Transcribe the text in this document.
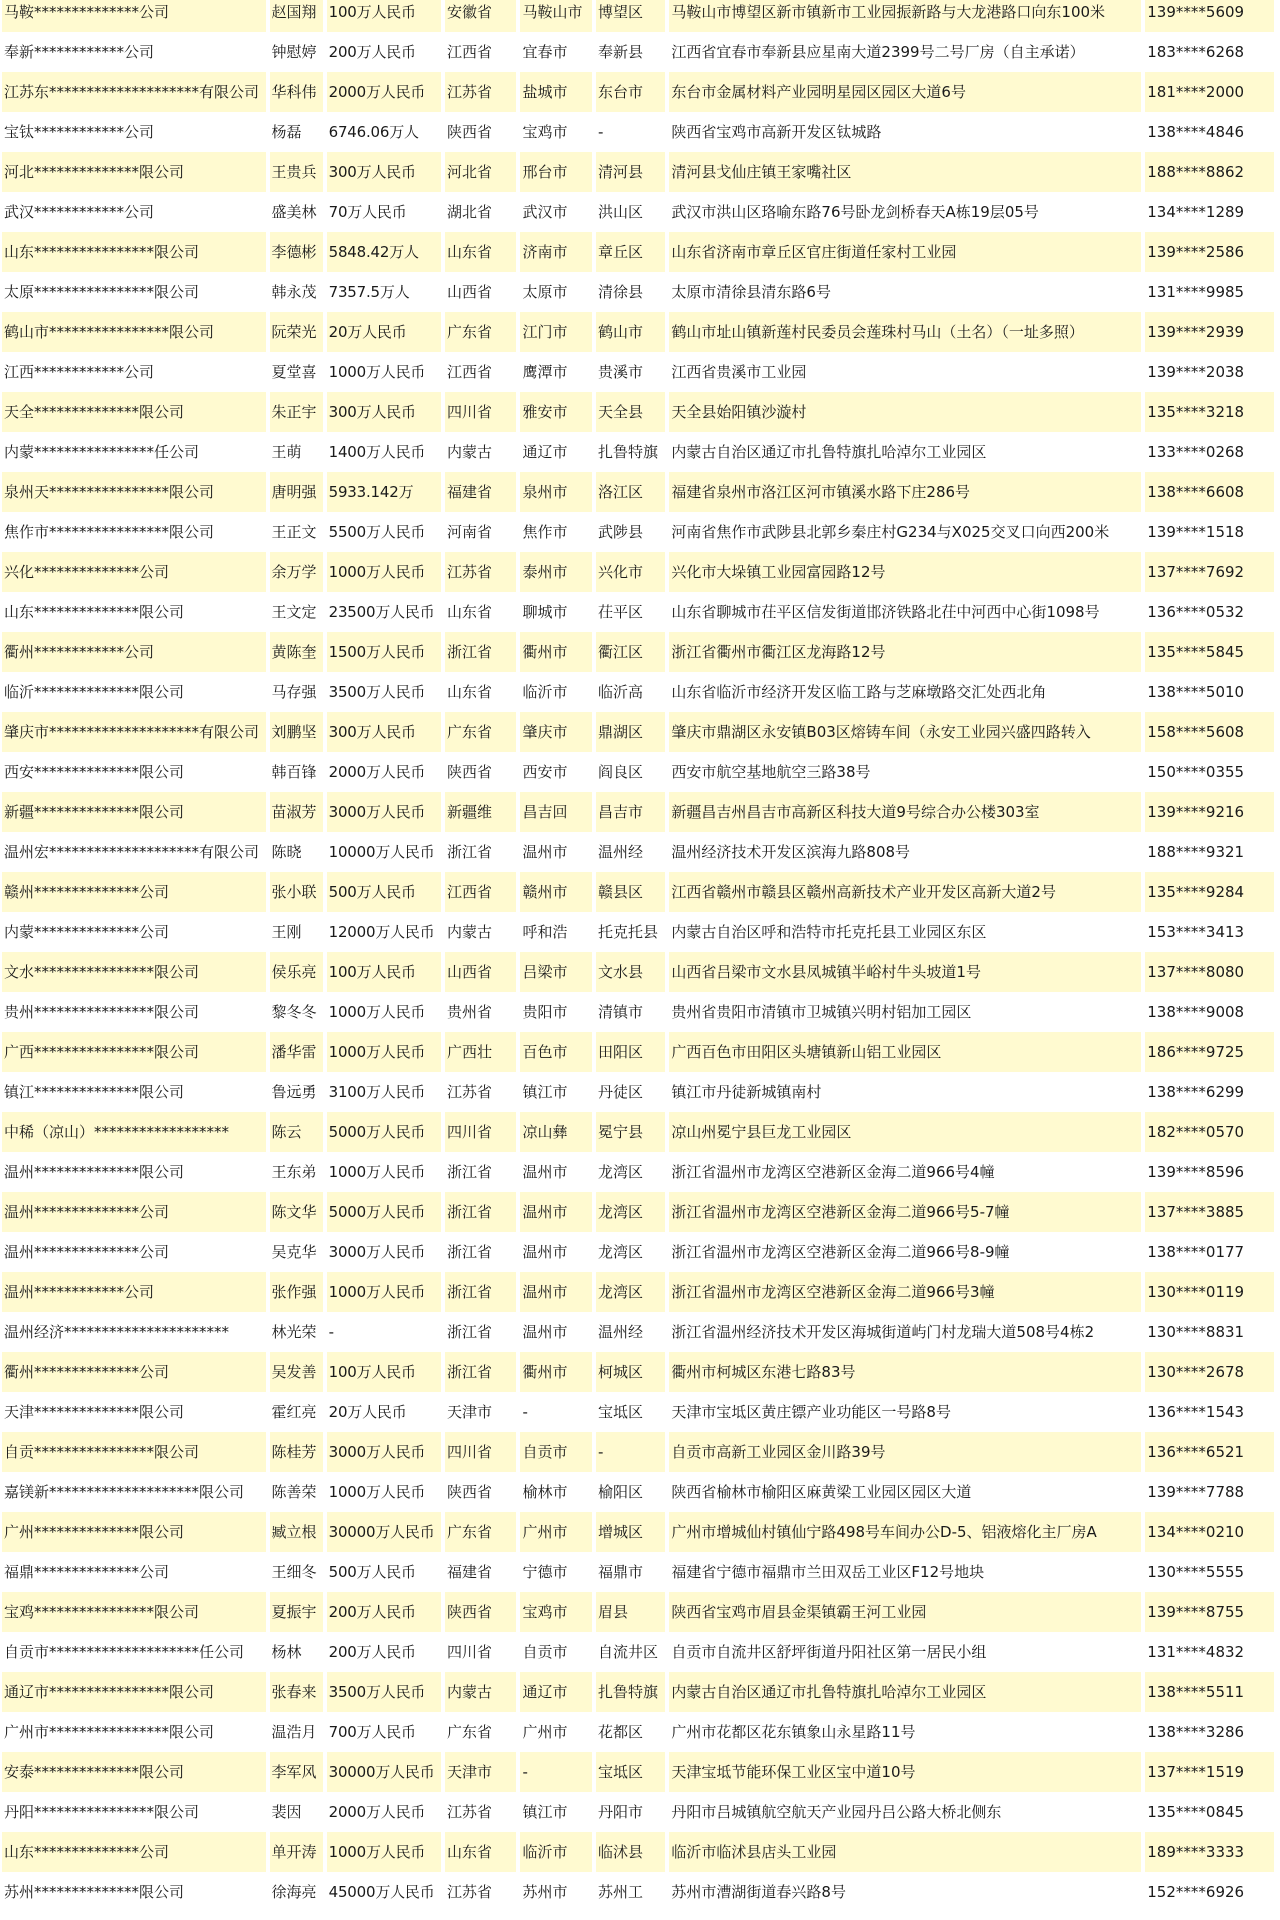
马鞍**************公司	赵国翔	100万人民币	安徽省	马鞍山市	博望区	马鞍山市博望区新市镇新市工业园振新路与大龙港路口向东100米	139****5609
奉新************公司	钟慰婷	200万人民币	江西省	宜春市	奉新县	江西省宜春市奉新县应星南大道2399号二号厂房（自主承诺）	183****6268
江苏东********************有限公司	华科伟	2000万人民币	江苏省	盐城市	东台市	东台市金属材料产业园明星园区园区大道6号	181****2000
宝钛************公司	杨磊	6746.06万人	陕西省	宝鸡市	-	陕西省宝鸡市高新开发区钛城路	138****4846
河北**************限公司	王贵兵	300万人民币	河北省	邢台市	清河县	清河县戈仙庄镇王家嘴社区	188****8862
武汉************公司	盛美林	70万人民币	湖北省	武汉市	洪山区	武汉市洪山区珞喻东路76号卧龙剑桥春天A栋19层05号	134****1289
山东****************限公司	李德彬	5848.42万人	山东省	济南市	章丘区	山东省济南市章丘区官庄街道任家村工业园	139****2586
太原****************限公司	韩永茂	7357.5万人	山西省	太原市	清徐县	太原市清徐县清东路6号	131****9985
鹤山市****************限公司	阮荣光	20万人民币	广东省	江门市	鹤山市	鹤山市址山镇新莲村民委员会莲珠村马山（土名）（一址多照）	139****2939
江西************公司	夏堂喜	1000万人民币	江西省	鹰潭市	贵溪市	江西省贵溪市工业园	139****2038
天全**************限公司	朱正宇	300万人民币	四川省	雅安市	天全县	天全县始阳镇沙漩村	135****3218
内蒙****************任公司	王萌	1400万人民币	内蒙古	通辽市	扎鲁特旗	内蒙古自治区通辽市扎鲁特旗扎哈淖尔工业园区	133****0268
泉州天****************限公司	唐明强	5933.142万	福建省	泉州市	洛江区	福建省泉州市洛江区河市镇溪水路下庄286号	138****6608
焦作市****************限公司	王正文	5500万人民币	河南省	焦作市	武陟县	河南省焦作市武陟县北郭乡秦庄村G234与X025交叉口向西200米	139****1518
兴化**************公司	余万学	1000万人民币	江苏省	泰州市	兴化市	兴化市大垛镇工业园富园路12号	137****7692
山东**************限公司	王文定	23500万人民币	山东省	聊城市	茌平区	山东省聊城市茌平区信发街道邯济铁路北茌中河西中心街1098号	136****0532
衢州************公司	黄陈奎	1500万人民币	浙江省	衢州市	衢江区	浙江省衢州市衢江区龙海路12号	135****5845
临沂**************限公司	马存强	3500万人民币	山东省	临沂市	临沂高	山东省临沂市经济开发区临工路与芝麻墩路交汇处西北角	138****5010
肇庆市********************有限公司	刘鹏坚	300万人民币	广东省	肇庆市	鼎湖区	肇庆市鼎湖区永安镇B03区熔铸车间（永安工业园兴盛四路转入	158****5608
西安**************限公司	韩百锋	2000万人民币	陕西省	西安市	阎良区	西安市航空基地航空三路38号	150****0355
新疆**************限公司	苗淑芳	3000万人民币	新疆维	昌吉回	昌吉市	新疆昌吉州昌吉市高新区科技大道9号综合办公楼303室	139****9216
温州宏********************有限公司	陈晓	10000万人民币	浙江省	温州市	温州经	温州经济技术开发区滨海九路808号	188****9321
赣州**************公司	张小联	500万人民币	江西省	赣州市	赣县区	江西省赣州市赣县区赣州高新技术产业开发区高新大道2号	135****9284
内蒙**************公司	王刚	12000万人民币	内蒙古	呼和浩	托克托县	内蒙古自治区呼和浩特市托克托县工业园区东区	153****3413
文水****************限公司	侯乐亮	100万人民币	山西省	吕梁市	文水县	山西省吕梁市文水县凤城镇半峪村牛头坡道1号	137****8080
贵州****************限公司	黎冬冬	1000万人民币	贵州省	贵阳市	清镇市	贵州省贵阳市清镇市卫城镇兴明村铝加工园区	138****9008
广西****************限公司	潘华雷	1000万人民币	广西壮	百色市	田阳区	广西百色市田阳区头塘镇新山铝工业园区	186****9725
镇江**************限公司	鲁远勇	3100万人民币	江苏省	镇江市	丹徒区	镇江市丹徒新城镇南村	138****6299
中稀（凉山）******************	陈云	5000万人民币	四川省	凉山彝	冕宁县	凉山州冕宁县巨龙工业园区	182****0570
温州**************限公司	王东弟	1000万人民币	浙江省	温州市	龙湾区	浙江省温州市龙湾区空港新区金海二道966号4幢	139****8596
温州**************公司	陈文华	5000万人民币	浙江省	温州市	龙湾区	浙江省温州市龙湾区空港新区金海二道966号5-7幢	137****3885
温州**************公司	吴克华	3000万人民币	浙江省	温州市	龙湾区	浙江省温州市龙湾区空港新区金海二道966号8-9幢	138****0177
温州************公司	张作强	1000万人民币	浙江省	温州市	龙湾区	浙江省温州市龙湾区空港新区金海二道966号3幢	130****0119
温州经济**********************	林光荣	-	浙江省	温州市	温州经	浙江省温州经济技术开发区海城街道屿门村龙瑞大道508号4栋2	130****8831
衢州**************公司	吴发善	100万人民币	浙江省	衢州市	柯城区	衢州市柯城区东港七路83号	130****2678
天津**************限公司	霍红亮	20万人民币	天津市	-	宝坻区	天津市宝坻区黄庄镖产业功能区一号路8号	136****1543
自贡****************限公司	陈桂芳	3000万人民币	四川省	自贡市	-	自贡市高新工业园区金川路39号	136****6521
嘉镁新********************限公司	陈善荣	1000万人民币	陕西省	榆林市	榆阳区	陕西省榆林市榆阳区麻黄梁工业园区园区大道	139****7788
广州**************限公司	臧立根	30000万人民币	广东省	广州市	增城区	广州市增城仙村镇仙宁路498号车间办公D-5、铝液熔化主厂房A	134****0210
福鼎**************公司	王细冬	500万人民币	福建省	宁德市	福鼎市	福建省宁德市福鼎市兰田双岳工业区F12号地块	130****5555
宝鸡****************限公司	夏振宇	200万人民币	陕西省	宝鸡市	眉县	陕西省宝鸡市眉县金渠镇霸王河工业园	139****8755
自贡市********************任公司	杨林	200万人民币	四川省	自贡市	自流井区	自贡市自流井区舒坪街道丹阳社区第一居民小组	131****4832
通辽市****************限公司	张春来	3500万人民币	内蒙古	通辽市	扎鲁特旗	内蒙古自治区通辽市扎鲁特旗扎哈淖尔工业园区	138****5511
广州市****************限公司	温浩月	700万人民币	广东省	广州市	花都区	广州市花都区花东镇象山永星路11号	138****3286
安泰**************限公司	李军风	30000万人民币	天津市	-	宝坻区	天津宝坻节能环保工业区宝中道10号	137****1519
丹阳****************限公司	裴因	2000万人民币	江苏省	镇江市	丹阳市	丹阳市吕城镇航空航天产业园丹吕公路大桥北侧东	135****0845
山东**************公司	单开涛	1000万人民币	山东省	临沂市	临沭县	临沂市临沭县店头工业园	189****3333
苏州**************限公司	徐海亮	45000万人民币	江苏省	苏州市	苏州工	苏州市漕湖街道春兴路8号	152****6926
